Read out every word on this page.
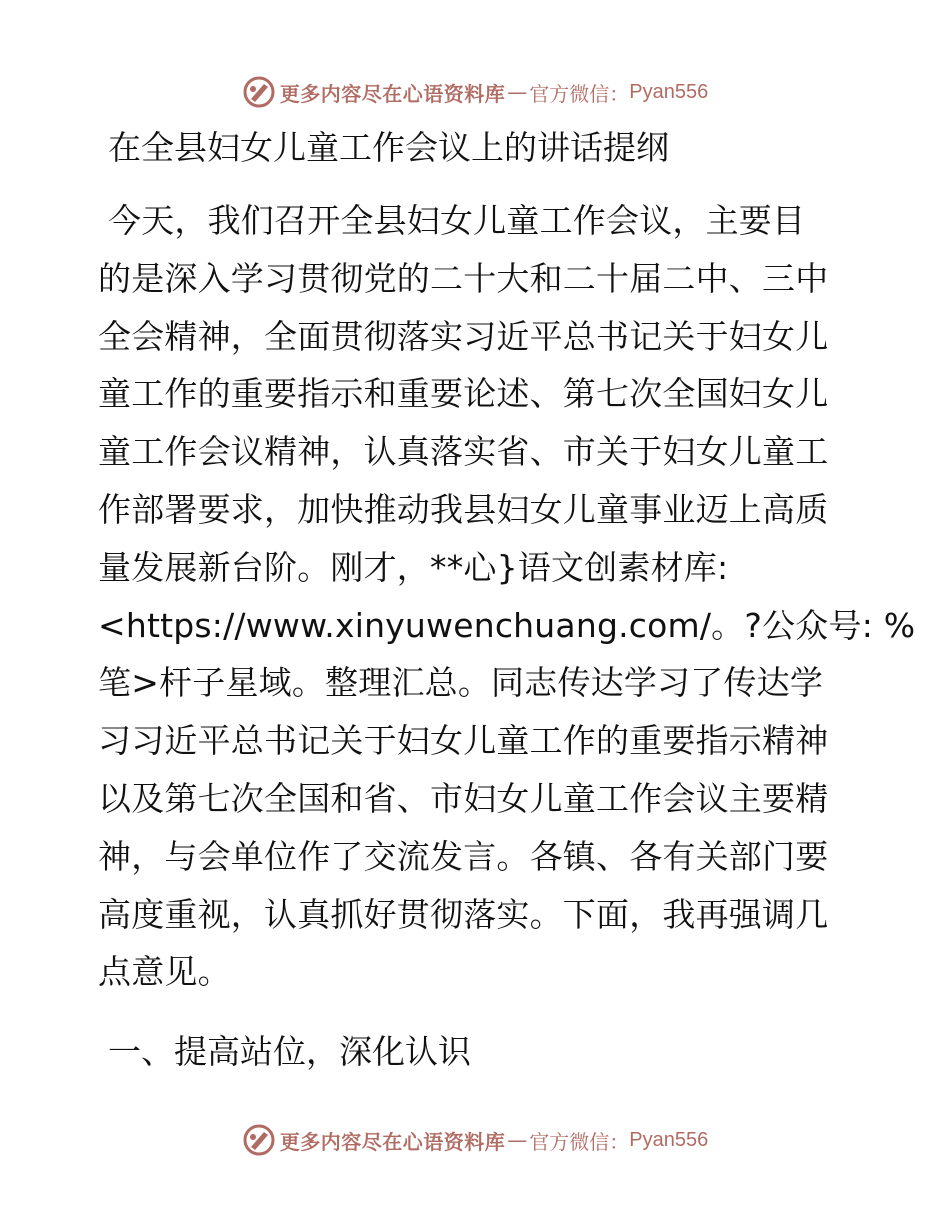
更多内容尽在心语资料库 — 官方微信： Pyan556
在全县妇女儿童工作会议上的讲话提纲
今天，我们召开全县妇女儿童工作会议，主要目
的是深入学习贯彻党的二十大和二十届二中、三中
全会精神，全面贯彻落实习近平总书记关于妇女儿
童工作的重要指示和重要论述、第七次全国妇女儿
童工作会议精神，认真落实省、市关于妇女儿童工
作部署要求，加快推动我县妇女儿童事业迈上高质
量发展新台阶。刚才，**心}语文创素材库:
<https://www.xinyuwenchuang.com/。?公众号: %
笔>杆子星域。整理汇总。同志传达学习了传达学
习习近平总书记关于妇女儿童工作的重要指示精神
以及第七次全国和省、市妇女儿童工作会议主要精
神，与会单位作了交流发言。各镇、各有关部门要
高度重视，认真抓好贯彻落实。下面，我再强调几
点意见。
一、提高站位，深化认识
更多内容尽在心语资料库 — 官方微信： Pyan556
